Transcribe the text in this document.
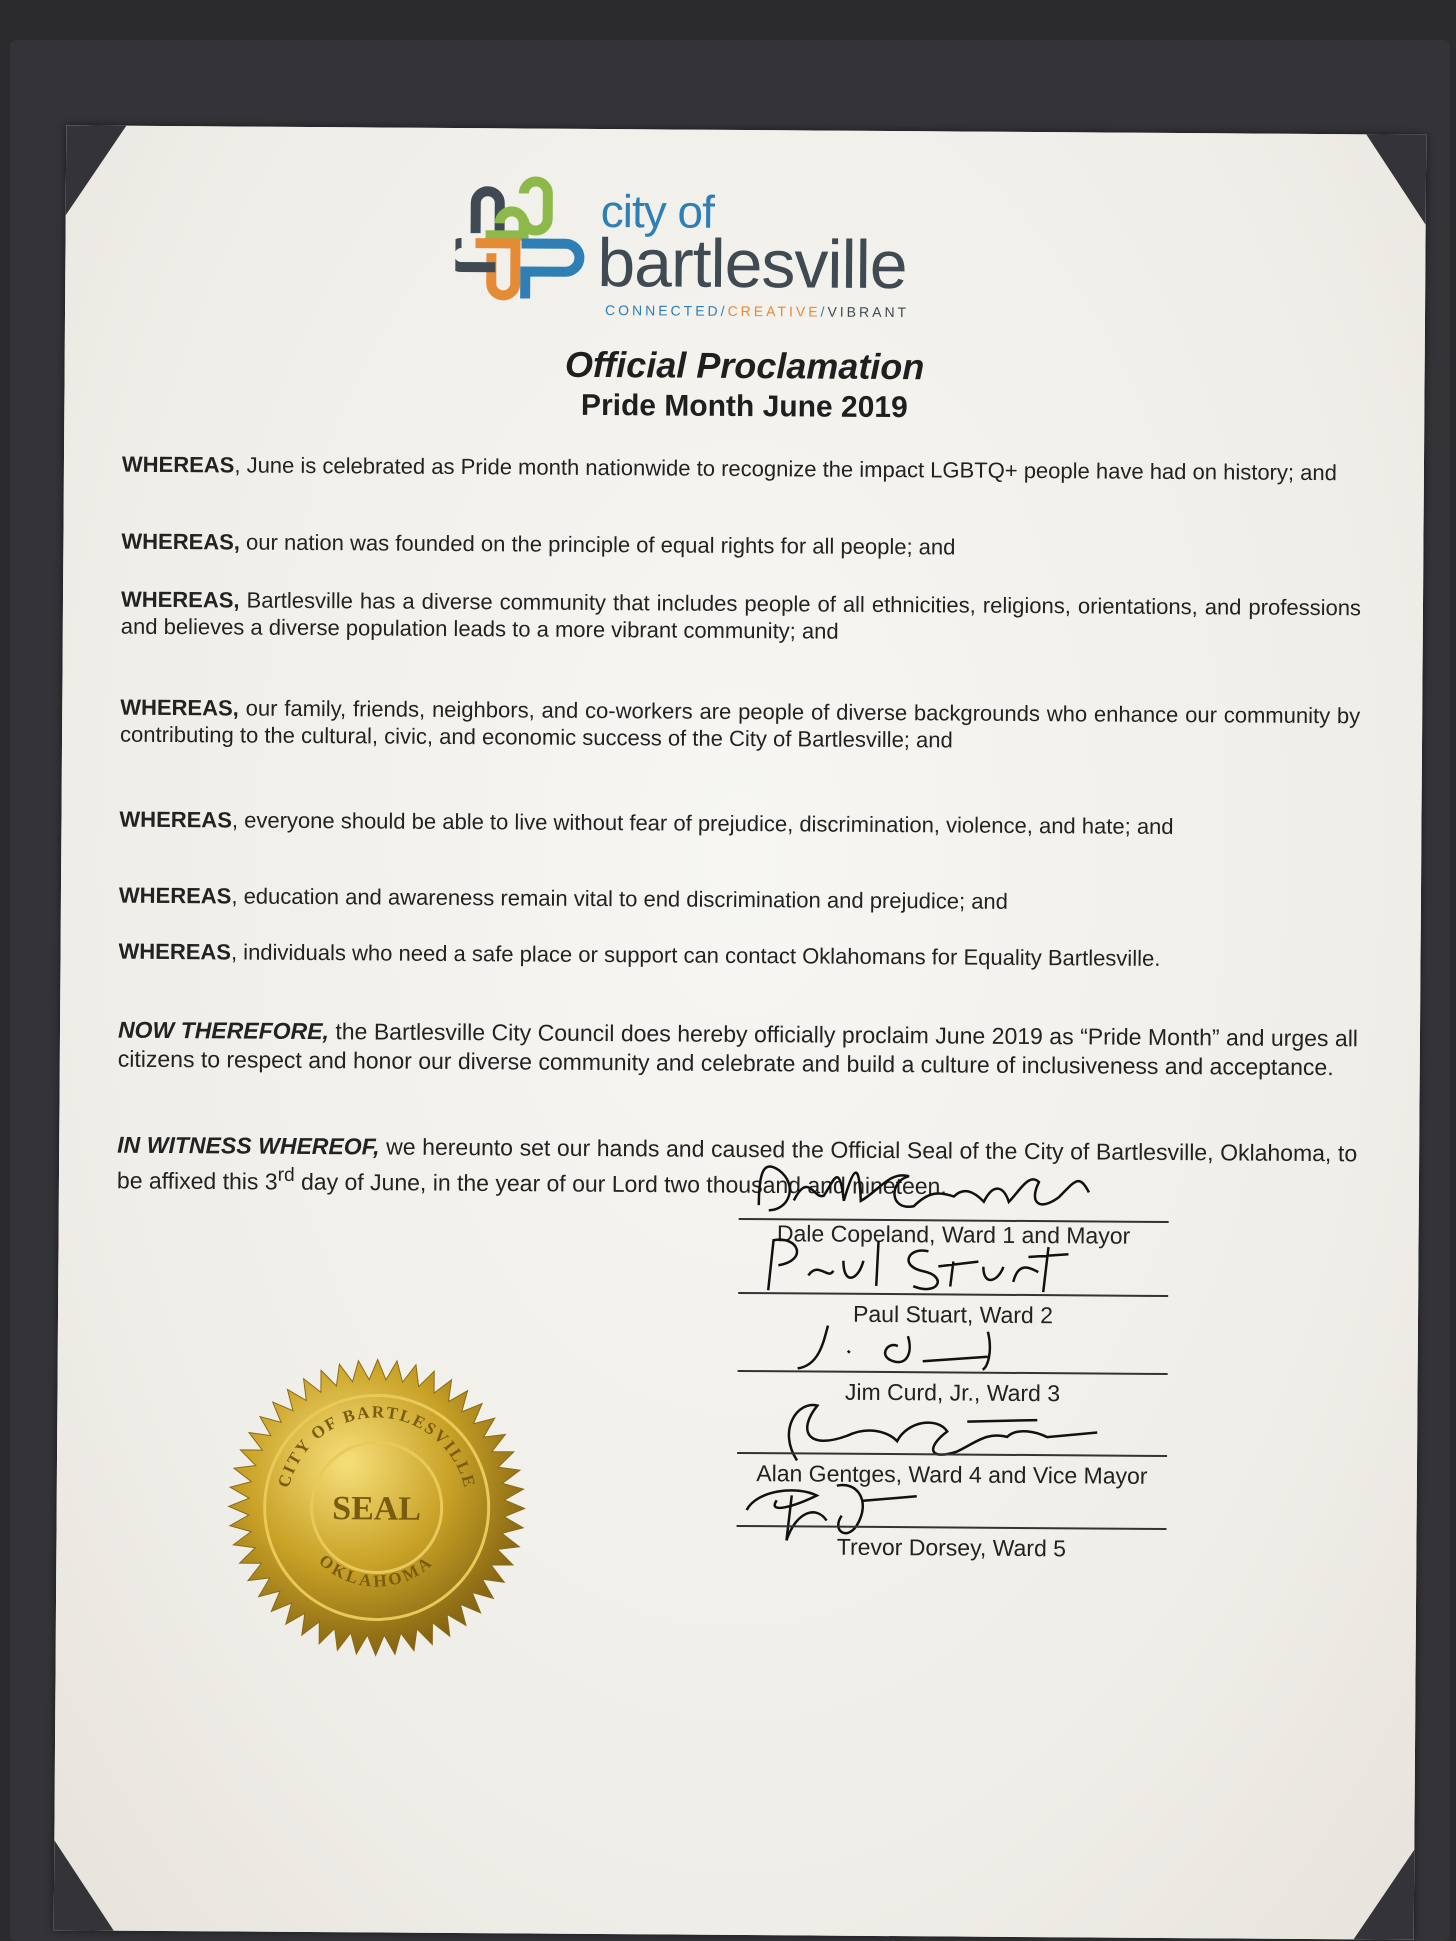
city of
bartlesville
CONNECTED/CREATIVE/VIBRANT
Official Proclamation
Pride Month June 2019

WHEREAS, June is celebrated as Pride month nationwide to recognize the impact LGBTQ+ people have had on history; and

WHEREAS, our nation was founded on the principle of equal rights for all people; and

WHEREAS, Bartlesville has a diverse community that includes people of all ethnicities, religions, orientations, and professions and believes a diverse population leads to a more vibrant community; and

WHEREAS, our family, friends, neighbors, and co-workers are people of diverse backgrounds who enhance our community by contributing to the cultural, civic, and economic success of the City of Bartlesville; and

WHEREAS, everyone should be able to live without fear of prejudice, discrimination, violence, and hate; and

WHEREAS, education and awareness remain vital to end discrimination and prejudice; and

WHEREAS, individuals who need a safe place or support can contact Oklahomans for Equality Bartlesville.

NOW THEREFORE, the Bartlesville City Council does hereby officially proclaim June 2019 as “Pride Month” and urges all citizens to respect and honor our diverse community and celebrate and build a culture of inclusiveness and acceptance.

IN WITNESS WHEREOF, we hereunto set our hands and caused the Official Seal of the City of Bartlesville, Oklahoma, to be affixed this 3rd day of June, in the year of our Lord two thousand and nineteen.

CITY OF BARTLESVILLE
OKLAHOMA
SEAL
Dale Copeland, Ward 1 and Mayor
Paul Stuart, Ward 2
Jim Curd, Jr., Ward 3
Alan Gentges, Ward 4 and Vice Mayor
Trevor Dorsey, Ward 5
